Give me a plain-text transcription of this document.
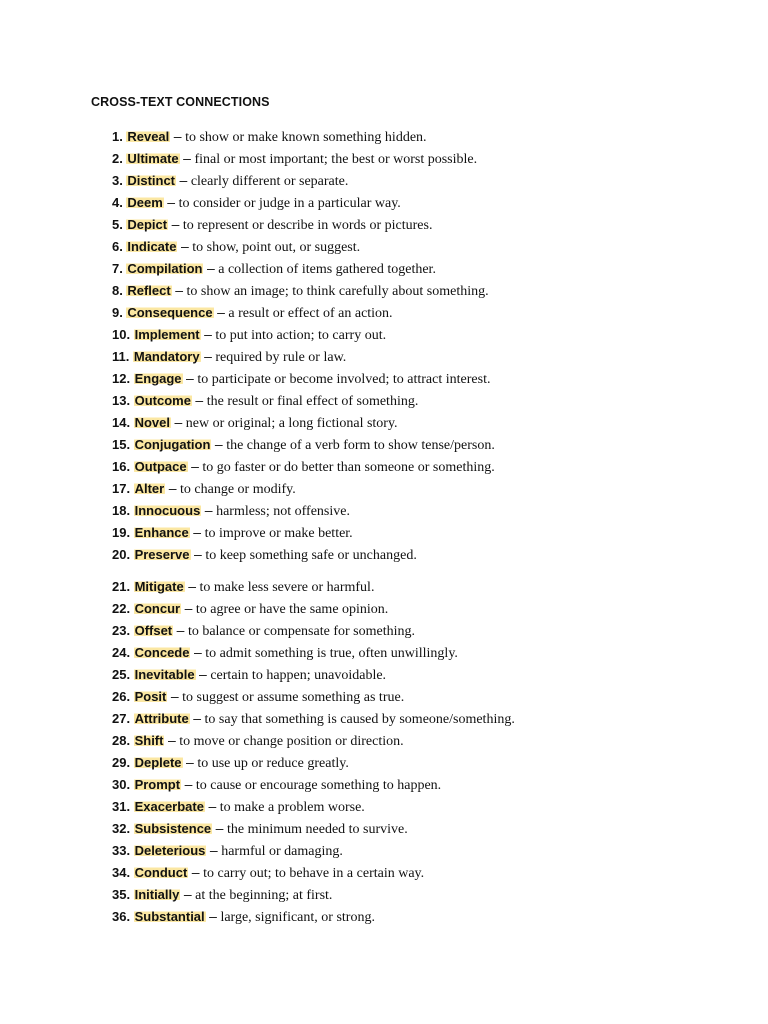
CROSS-TEXT CONNECTIONS
1. Reveal – to show or make known something hidden.
2. Ultimate – final or most important; the best or worst possible.
3. Distinct – clearly different or separate.
4. Deem – to consider or judge in a particular way.
5. Depict – to represent or describe in words or pictures.
6. Indicate – to show, point out, or suggest.
7. Compilation – a collection of items gathered together.
8. Reflect – to show an image; to think carefully about something.
9. Consequence – a result or effect of an action.
10. Implement – to put into action; to carry out.
11. Mandatory – required by rule or law.
12. Engage – to participate or become involved; to attract interest.
13. Outcome – the result or final effect of something.
14. Novel – new or original; a long fictional story.
15. Conjugation – the change of a verb form to show tense/person.
16. Outpace – to go faster or do better than someone or something.
17. Alter – to change or modify.
18. Innocuous – harmless; not offensive.
19. Enhance – to improve or make better.
20. Preserve – to keep something safe or unchanged.
21. Mitigate – to make less severe or harmful.
22. Concur – to agree or have the same opinion.
23. Offset – to balance or compensate for something.
24. Concede – to admit something is true, often unwillingly.
25. Inevitable – certain to happen; unavoidable.
26. Posit – to suggest or assume something as true.
27. Attribute – to say that something is caused by someone/something.
28. Shift – to move or change position or direction.
29. Deplete – to use up or reduce greatly.
30. Prompt – to cause or encourage something to happen.
31. Exacerbate – to make a problem worse.
32. Subsistence – the minimum needed to survive.
33. Deleterious – harmful or damaging.
34. Conduct – to carry out; to behave in a certain way.
35. Initially – at the beginning; at first.
36. Substantial – large, significant, or strong.
